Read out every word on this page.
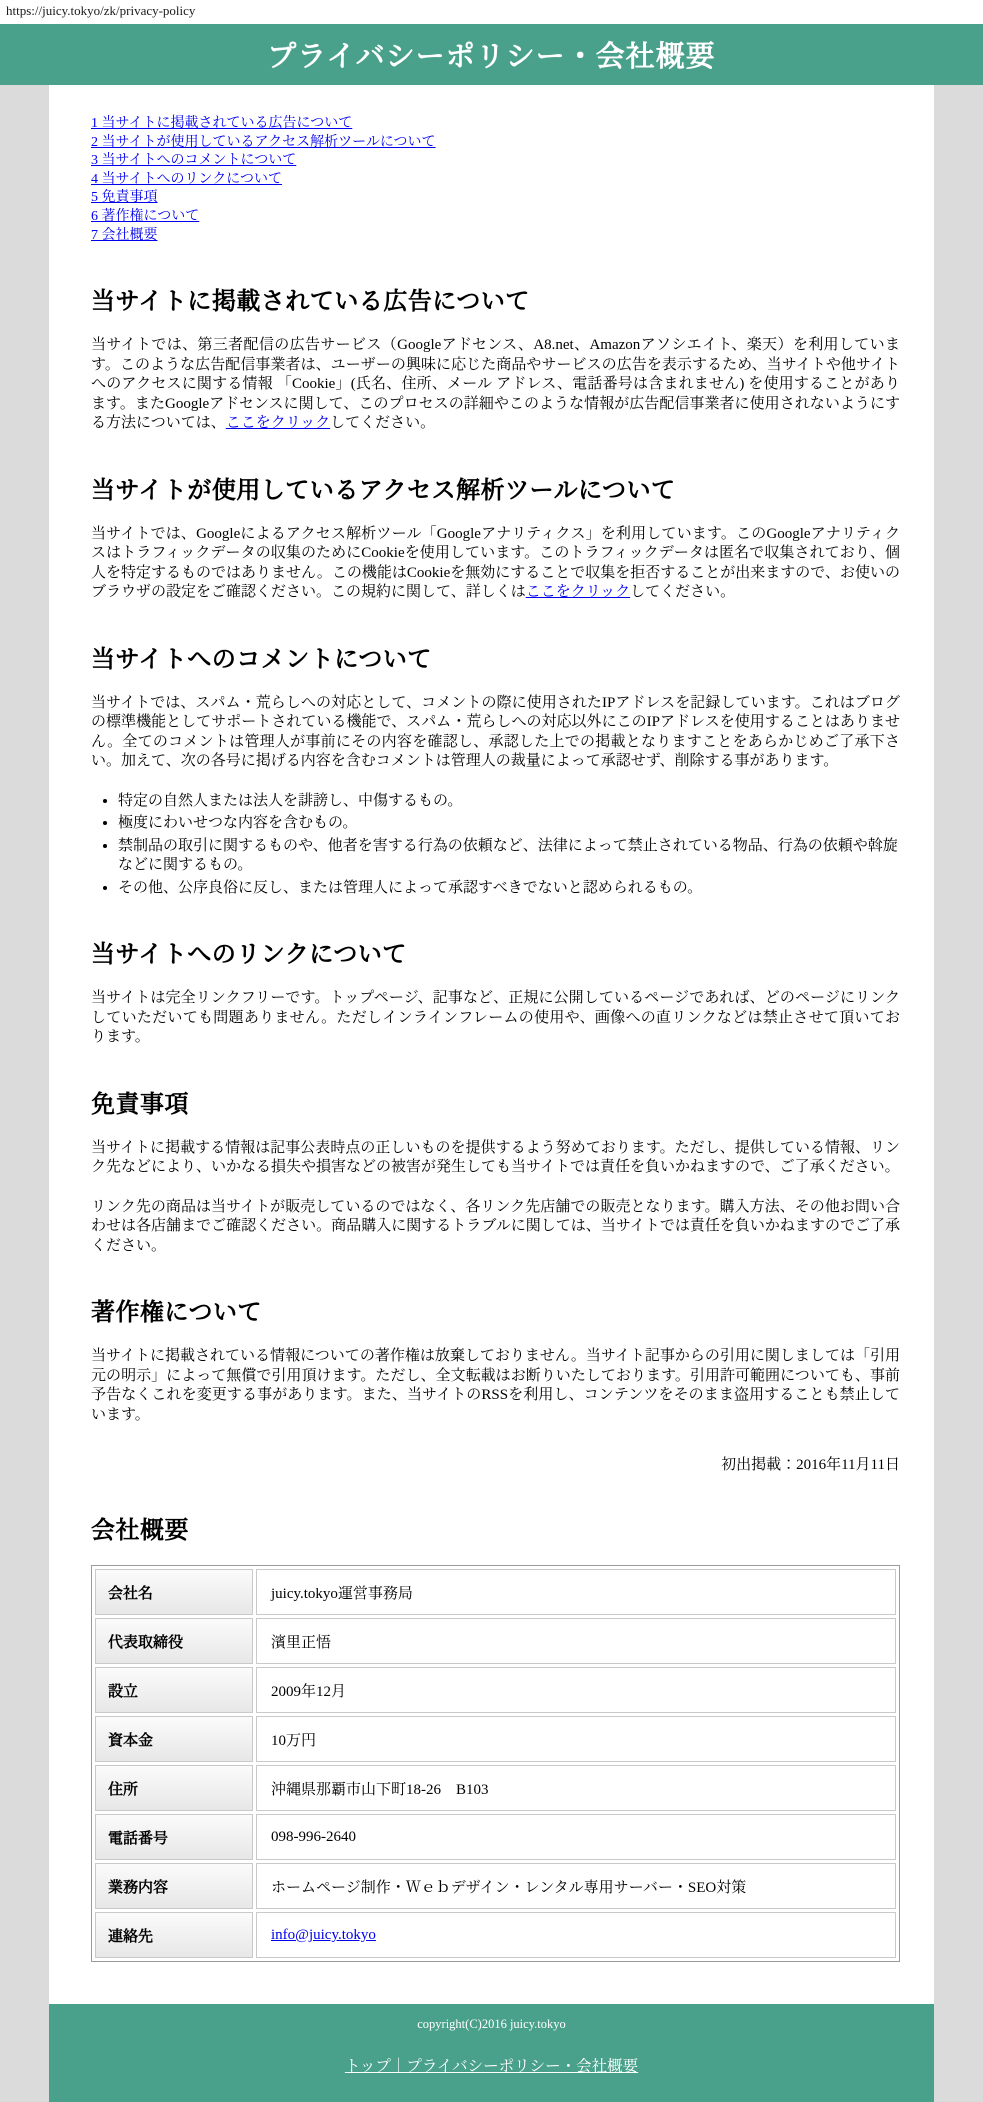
https://juicy.tokyo/zk/privacy-policy
プライバシーポリシー・会社概要
1 当サイトに掲載されている広告について
2 当サイトが使用しているアクセス解析ツールについて
3 当サイトへのコメントについて
4 当サイトへのリンクについて
5 免責事項
6 著作権について
7 会社概要
当サイトに掲載されている広告について

当サイトでは、第三者配信の広告サービス（Googleアドセンス、A8.net、Amazonアソシエイト、楽天）を利用しています。このような広告配信事業者は、ユーザーの興味に応じた商品やサービスの広告を表示するため、当サイトや他サイトへのアクセスに関する情報 「Cookie」(氏名、住所、メール アドレス、電話番号は含まれません) を使用することがあります。またGoogleアドセンスに関して、このプロセスの詳細やこのような情報が広告配信事業者に使用されないようにする方法については、ここをクリックしてください。

当サイトが使用しているアクセス解析ツールについて

当サイトでは、Googleによるアクセス解析ツール「Googleアナリティクス」を利用しています。このGoogleアナリティクスはトラフィックデータの収集のためにCookieを使用しています。このトラフィックデータは匿名で収集されており、個人を特定するものではありません。この機能はCookieを無効にすることで収集を拒否することが出来ますので、お使いのブラウザの設定をご確認ください。この規約に関して、詳しくはここをクリックしてください。

当サイトへのコメントについて

当サイトでは、スパム・荒らしへの対応として、コメントの際に使用されたIPアドレスを記録しています。これはブログの標準機能としてサポートされている機能で、スパム・荒らしへの対応以外にこのIPアドレスを使用することはありません。全てのコメントは管理人が事前にその内容を確認し、承認した上での掲載となりますことをあらかじめご了承下さい。加えて、次の各号に掲げる内容を含むコメントは管理人の裁量によって承認せず、削除する事があります。

• 特定の自然人または法人を誹謗し、中傷するもの。
• 極度にわいせつな内容を含むもの。
• 禁制品の取引に関するものや、他者を害する行為の依頼など、法律によって禁止されている物品、行為の依頼や斡旋などに関するもの。
• その他、公序良俗に反し、または管理人によって承認すべきでないと認められるもの。
当サイトへのリンクについて

当サイトは完全リンクフリーです。トップページ、記事など、正規に公開しているページであれば、どのページにリンクしていただいても問題ありません。ただしインラインフレームの使用や、画像への直リンクなどは禁止させて頂いております。

免責事項

当サイトに掲載する情報は記事公表時点の正しいものを提供するよう努めております。ただし、提供している情報、リンク先などにより、いかなる損失や損害などの被害が発生しても当サイトでは責任を負いかねますので、ご了承ください。

リンク先の商品は当サイトが販売しているのではなく、各リンク先店舗での販売となります。購入方法、その他お問い合わせは各店舗までご確認ください。商品購入に関するトラブルに関しては、当サイトでは責任を負いかねますのでご了承ください。

著作権について

当サイトに掲載されている情報についての著作権は放棄しておりません。当サイト記事からの引用に関しましては「引用元の明示」によって無償で引用頂けます。ただし、全文転載はお断りいたしております。引用許可範囲についても、事前予告なくこれを変更する事があります。また、当サイトのRSSを利用し、コンテンツをそのまま盗用することも禁止しています。

初出掲載：2016年11月11日
会社概要
会社名	juicy.tokyo運営事務局
代表取締役	濱里正悟
設立	2009年12月
資本金	10万円
住所	沖縄県那覇市山下町18-26　B103
電話番号	098-996-2640
業務内容	ホームページ制作・Ｗｅｂデザイン・レンタル専用サーバー・SEO対策
連絡先	info@juicy.tokyo
copyright(C)2016 juicy.tokyo
トップ｜プライバシーポリシー・会社概要
